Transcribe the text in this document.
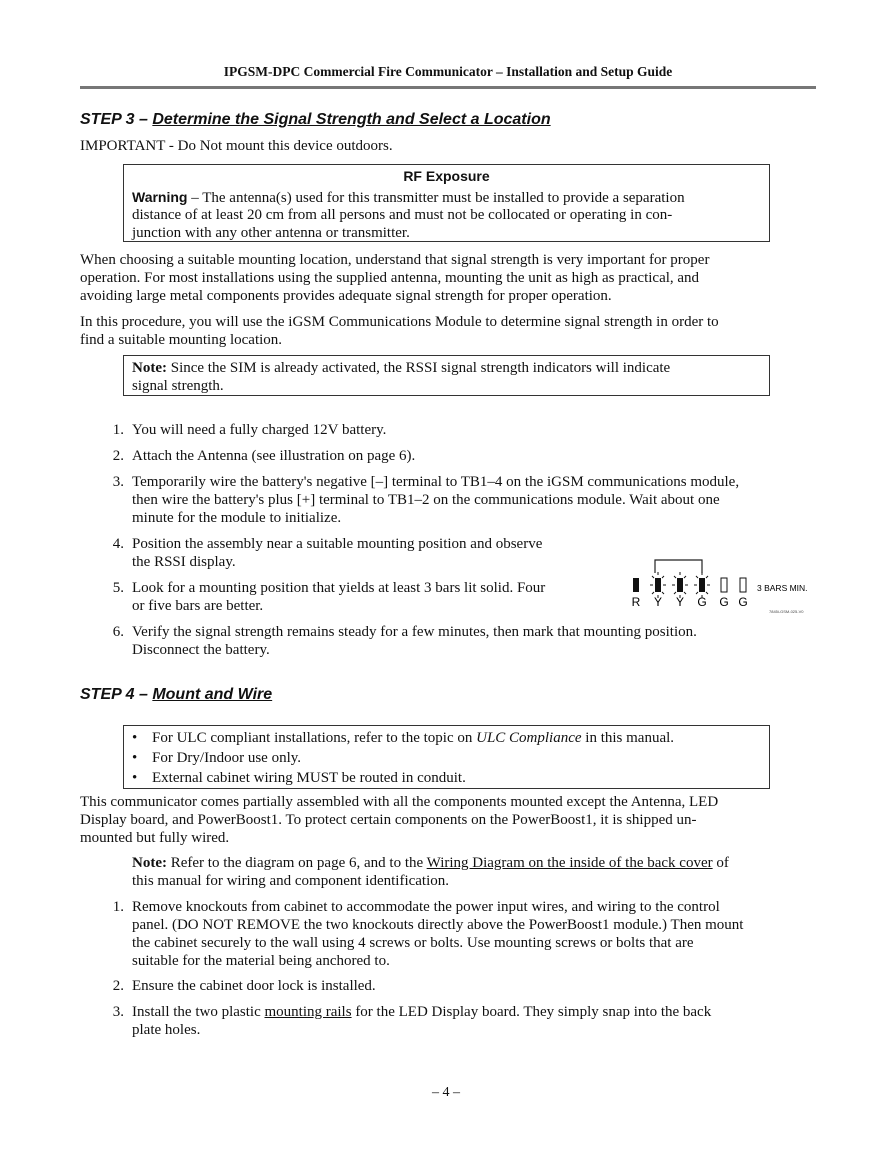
IPGSM-DPC Commercial Fire Communicator – Installation and Setup Guide
STEP 3 – Determine the Signal Strength and Select a Location
IMPORTANT - Do Not mount this device outdoors.
RF Exposure
Warning – The antenna(s) used for this transmitter must be installed to provide a separation
distance of at least 20 cm from all persons and must not be collocated or operating in con-
junction with any other antenna or transmitter.
When choosing a suitable mounting location, understand that signal strength is very important for proper
operation. For most installations using the supplied antenna, mounting the unit as high as practical, and
avoiding large metal components provides adequate signal strength for proper operation.
In this procedure, you will use the iGSM Communications Module to determine signal strength in order to
find a suitable mounting location.
Note: Since the SIM is already activated, the RSSI signal strength indicators will indicate
signal strength.
1. You will need a fully charged 12V battery.
2. Attach the Antenna (see illustration on page 6).
3. Temporarily wire the battery's negative [–] terminal to TB1–4 on the iGSM communications module,
then wire the battery's plus [+] terminal to TB1–2 on the communications module. Wait about one
minute for the module to initialize.
4. Position the assembly near a suitable mounting position and observe
the RSSI display.
5. Look for a mounting position that yields at least 3 bars lit solid. Four
or five bars are better.
6. Verify the signal strength remains steady for a few minutes, then mark that mounting position.
Disconnect the battery.
R Y Y G G G
3 BARS MIN.
7845i-GSM-025-V0
STEP 4 – Mount and Wire
• For ULC compliant installations, refer to the topic on ULC Compliance in this manual.
• For Dry/Indoor use only.
• External cabinet wiring MUST be routed in conduit.
This communicator comes partially assembled with all the components mounted except the Antenna, LED
Display board, and PowerBoost1. To protect certain components on the PowerBoost1, it is shipped un-
mounted but fully wired.
Note: Refer to the diagram on page 6, and to the Wiring Diagram on the inside of the back cover of
this manual for wiring and component identification.
1. Remove knockouts from cabinet to accommodate the power input wires, and wiring to the control
panel. (DO NOT REMOVE the two knockouts directly above the PowerBoost1 module.) Then mount
the cabinet securely to the wall using 4 screws or bolts. Use mounting screws or bolts that are
suitable for the material being anchored to.
2. Ensure the cabinet door lock is installed.
3. Install the two plastic mounting rails for the LED Display board. They simply snap into the back
plate holes.
– 4 –
